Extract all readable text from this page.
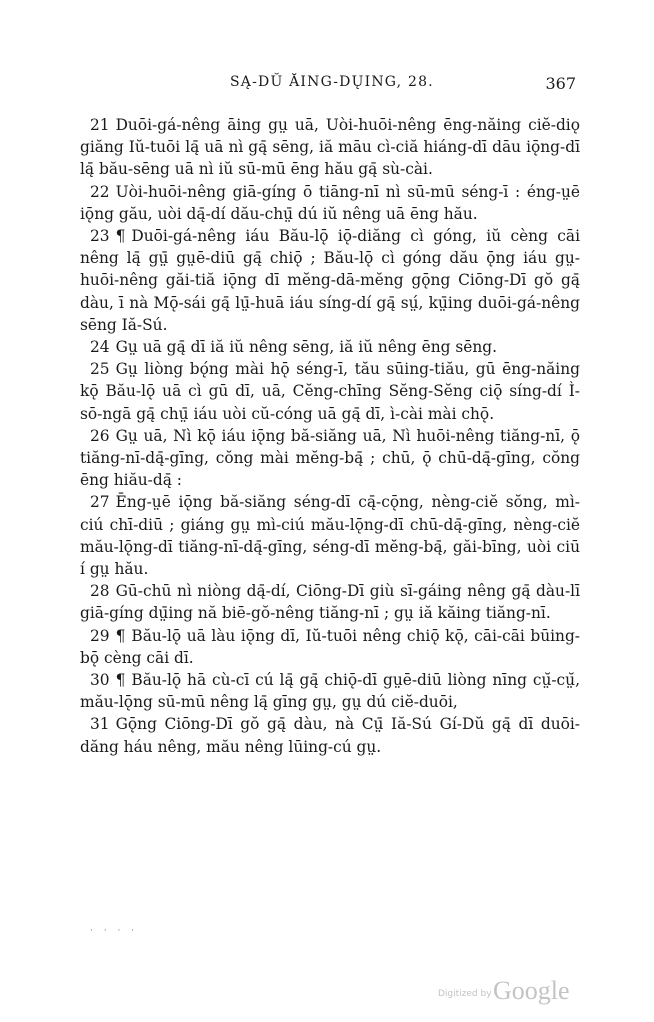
SĄ-DŬ ĂING-DŲING, 28.	367

21 Duōi-gá-nêng āing gṳ uā, Uòi-huōi-nêng ēng-năing ciĕ-diǫ giăng Iŭ-tuōi lą̄ uā nì gą̄ sēng, iă māu cì-ciă hiáng-dī dāu iǭng-dī lą̄ bău-sēng uā nì iŭ sū-mū ēng hău gą̄ sù-cài.

22 Uòi-huōi-nêng giā-gíng ō tiāng-nī nì sū-mū séng-ī : éng-ṳē iǭng gău, uòi dą̄-dí dău-chṳ̄ dú iŭ nêng uā ēng hău.

23 ¶ Duōi-gá-nêng iáu Bău-lǭ iǭ-diăng cì góng, iŭ cèng cāi nêng lą̄ gṳ̄ gṳē-diū gą̄ chiǭ ; Bău-lǭ cì góng dău ǭng iáu gṳ-huōi-nêng găi-tiă iǭng dī mĕng-dā-mĕng gǭng Ciōng-Dī gŏ gą̄ dàu, ī nà Mǭ-sái gą̄ lṳ̄-huā iáu síng-dí gą̄ sṳ́, kṳ̄ing duōi-gá-nêng sēng Iă-Sú.

24 Gṳ uā gą̄ dī iă iŭ nêng sēng, iă iŭ nêng ēng sēng.

25 Gṳ liòng bǫ́ng mài hǭ séng-ī, tău sūing-tiău, gū ēng-năing kǭ Bău-lǭ uā cì gū dī, uā, Cĕng-chīng Sĕng-Sĕng ciǭ síng-dí Ì-sō-ngā gą̄ chṳ̄ iáu uòi cŭ-cóng uā gą̄ dī, ì-cài mài chǭ.

26 Gṳ uā, Nì kǭ iáu iǭng bă-siăng uā, Nì huōi-nêng tiăng-nī, ǭ tiăng-nī-dą̄-gīng, cŏng mài mĕng-bą̄ ; chū, ǭ chū-dą̄-gīng, cŏng ēng hiău-dą̄ :

27 Ēng-ṳē iǭng bă-siăng séng-dī cą̄-cǭng, nèng-ciĕ sŏng, mì-ciú chī-diū ; giáng gṳ mì-ciú mău-lǭng-dī chū-dą̄-gīng, nèng-ciĕ mău-lǭng-dī tiăng-nī-dą̄-gīng, séng-dī mĕng-bą̄, găi-bīng, uòi ciū í gṳ hău.

28 Gū-chū nì niòng dą̄-dí, Ciōng-Dī giù sī-gáing nêng gą̄ dàu-lī giā-gíng dṳ̄ing nă biē-gŏ-nêng tiăng-nī ; gṳ iă kăing tiăng-nī.

29 ¶ Bău-lǭ uā làu iǭng dī, Iŭ-tuōi nêng chiǭ kǭ, cāi-cāi būing-bǭ cèng cāi dī.

30 ¶ Bău-lǭ hā cù-cī cú lą̄ gą̄ chiǭ-dī gṳē-diū liòng nīng cṳ̆-cṳ̆, mău-lǭng sū-mū nêng lą̄ gīng gṳ, gṳ dú ciĕ-duōi,

31 Gǭng Ciōng-Dī gŏ gą̄ dàu, nà Cṳ̄ Iă-Sú Gí-Dŭ gą̄ dī duōi-dăng háu nêng, mău nêng lūing-cú gṳ.

· · · ·
Digitized by Google
